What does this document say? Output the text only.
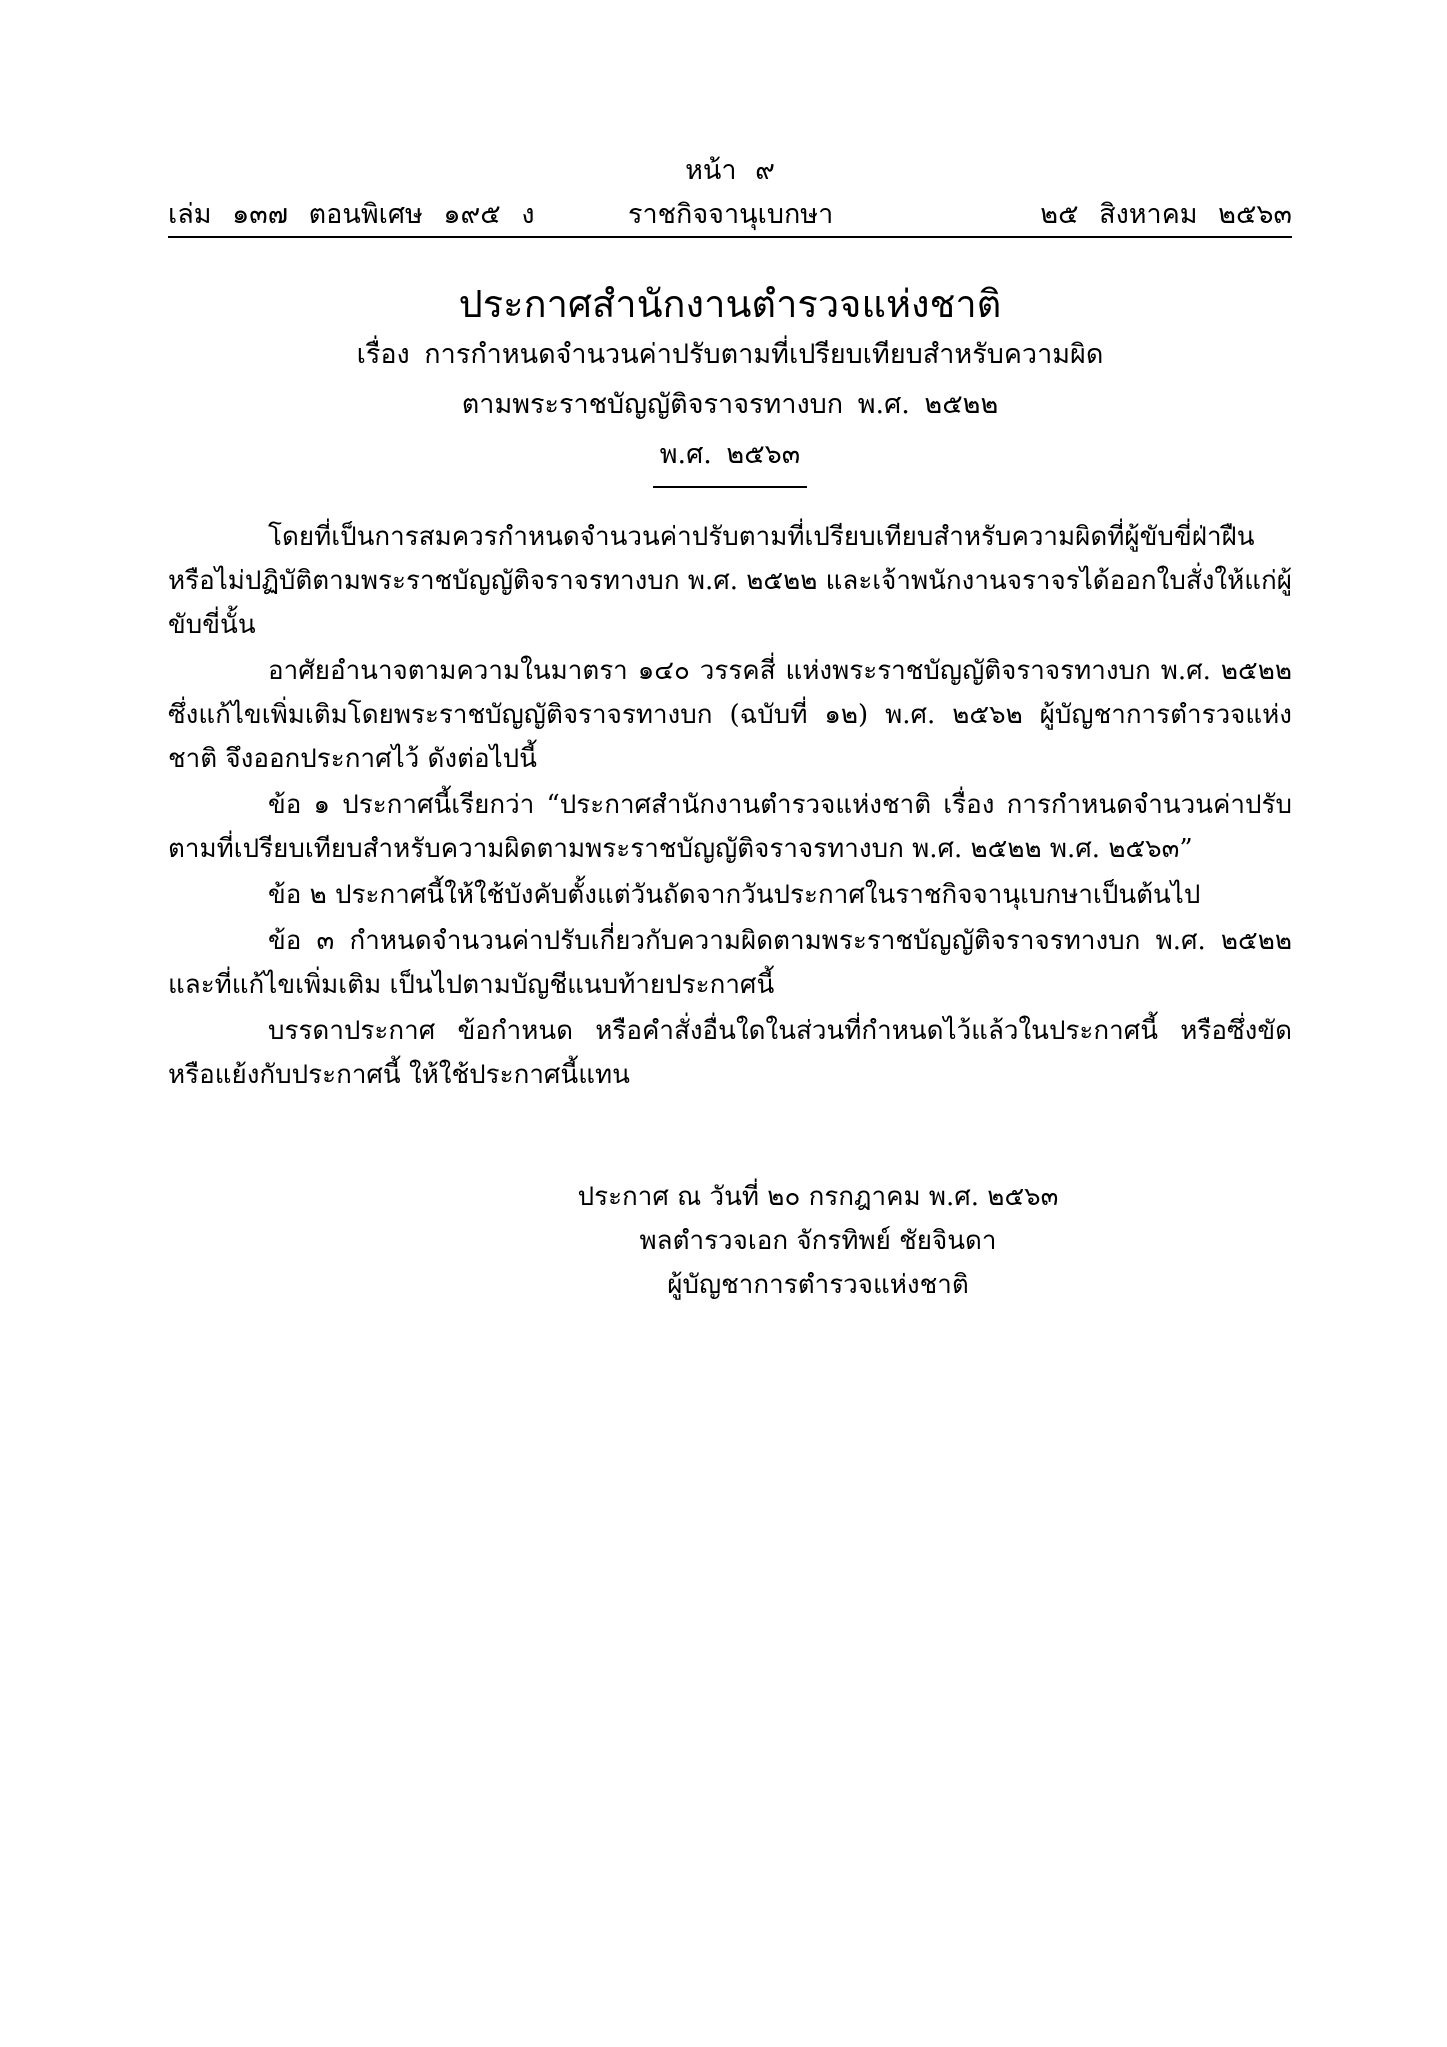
หน้า ๙
เล่ม ๑๓๗ ตอนพิเศษ ๑๙๕ ง	ราชกิจจานุเบกษา	๒๕ สิงหาคม ๒๕๖๓
ประกาศสำนักงานตำรวจแห่งชาติ
เรื่อง การกำหนดจำนวนค่าปรับตามที่เปรียบเทียบสำหรับความผิด
ตามพระราชบัญญัติจราจรทางบก พ.ศ. ๒๕๒๒
พ.ศ. ๒๕๖๓

โดยที่เป็นการสมควรกำหนดจำนวนค่าปรับตามที่เปรียบเทียบสำหรับความผิดที่ผู้ขับขี่ฝ่าฝืน หรือไม่ปฏิบัติตามพระราชบัญญัติจราจรทางบก พ.ศ. ๒๕๒๒ และเจ้าพนักงานจราจรได้ออกใบสั่งให้แก่ผู้ขับขี่นั้น

อาศัยอำนาจตามความในมาตรา ๑๔๐ วรรคสี่ แห่งพระราชบัญญัติจราจรทางบก พ.ศ. ๒๕๒๒ ซึ่งแก้ไขเพิ่มเติมโดยพระราชบัญญัติจราจรทางบก (ฉบับที่ ๑๒) พ.ศ. ๒๕๖๒ ผู้บัญชาการตำรวจแห่งชาติ จึงออกประกาศไว้ ดังต่อไปนี้

ข้อ ๑ ประกาศนี้เรียกว่า “ประกาศสำนักงานตำรวจแห่งชาติ เรื่อง การกำหนดจำนวนค่าปรับตามที่เปรียบเทียบสำหรับความผิดตามพระราชบัญญัติจราจรทางบก พ.ศ. ๒๕๒๒ พ.ศ. ๒๕๖๓”

ข้อ ๒ ประกาศนี้ให้ใช้บังคับตั้งแต่วันถัดจากวันประกาศในราชกิจจานุเบกษาเป็นต้นไป

ข้อ ๓ กำหนดจำนวนค่าปรับเกี่ยวกับความผิดตามพระราชบัญญัติจราจรทางบก พ.ศ. ๒๕๒๒ และที่แก้ไขเพิ่มเติม เป็นไปตามบัญชีแนบท้ายประกาศนี้

บรรดาประกาศ ข้อกำหนด หรือคำสั่งอื่นใดในส่วนที่กำหนดไว้แล้วในประกาศนี้ หรือซึ่งขัด หรือแย้งกับประกาศนี้ ให้ใช้ประกาศนี้แทน

ประกาศ ณ วันที่ ๒๐ กรกฎาคม พ.ศ. ๒๕๖๓
พลตำรวจเอก จักรทิพย์ ชัยจินดา
ผู้บัญชาการตำรวจแห่งชาติ
